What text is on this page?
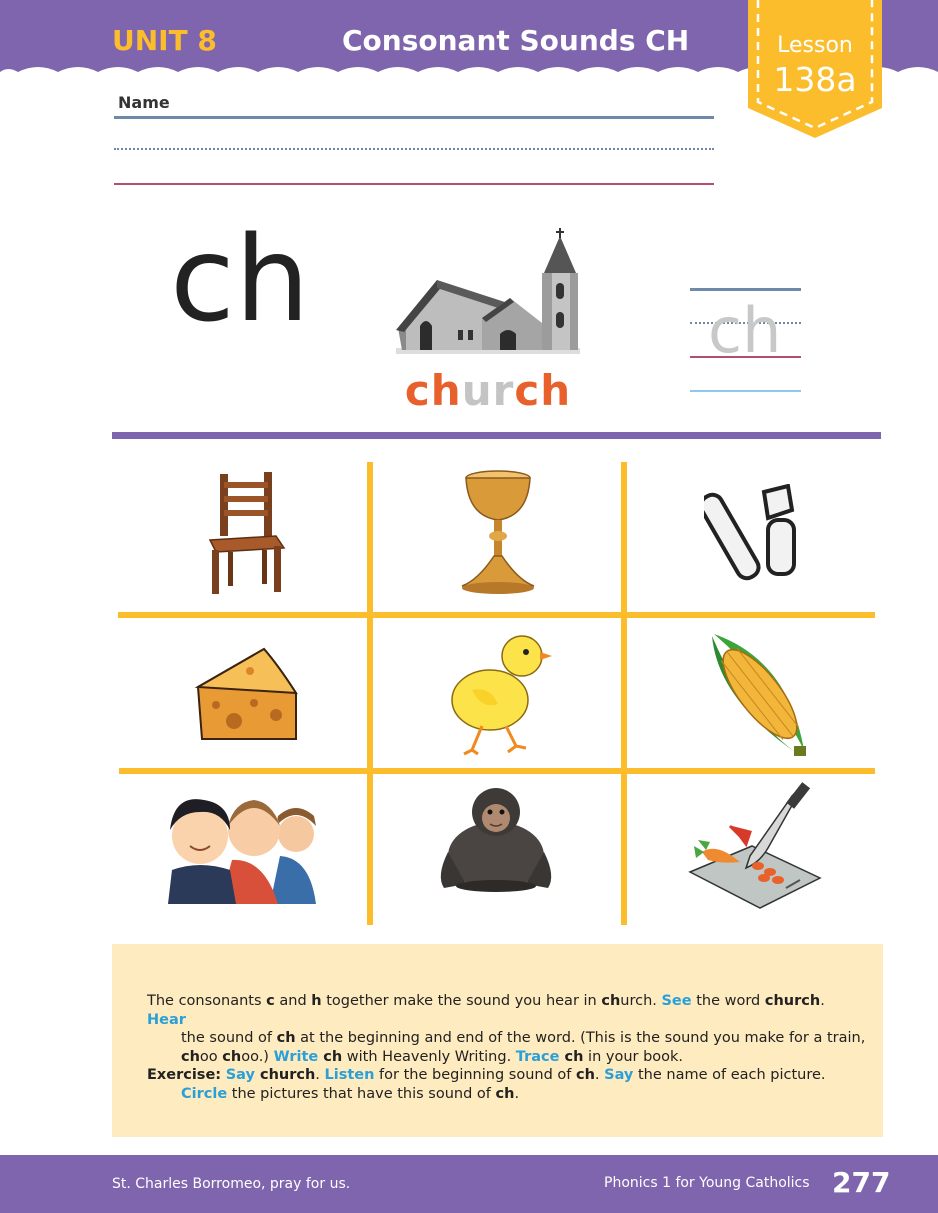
UNIT 8	Consonant Sounds CH	Lesson
138a
Name
ch
church
ch

The consonants c and h together make the sound you hear in church. See the word church. Hear
the sound of ch at the beginning and end of the word. (This is the sound you make for a train,
choo choo.) Write ch with Heavenly Writing. Trace ch in your book.
Exercise: Say church. Listen for the beginning sound of ch. Say the name of each picture.
Circle the pictures that have this sound of ch.

St. Charles Borromeo, pray for us.	Phonics 1 for Young Catholics 277
